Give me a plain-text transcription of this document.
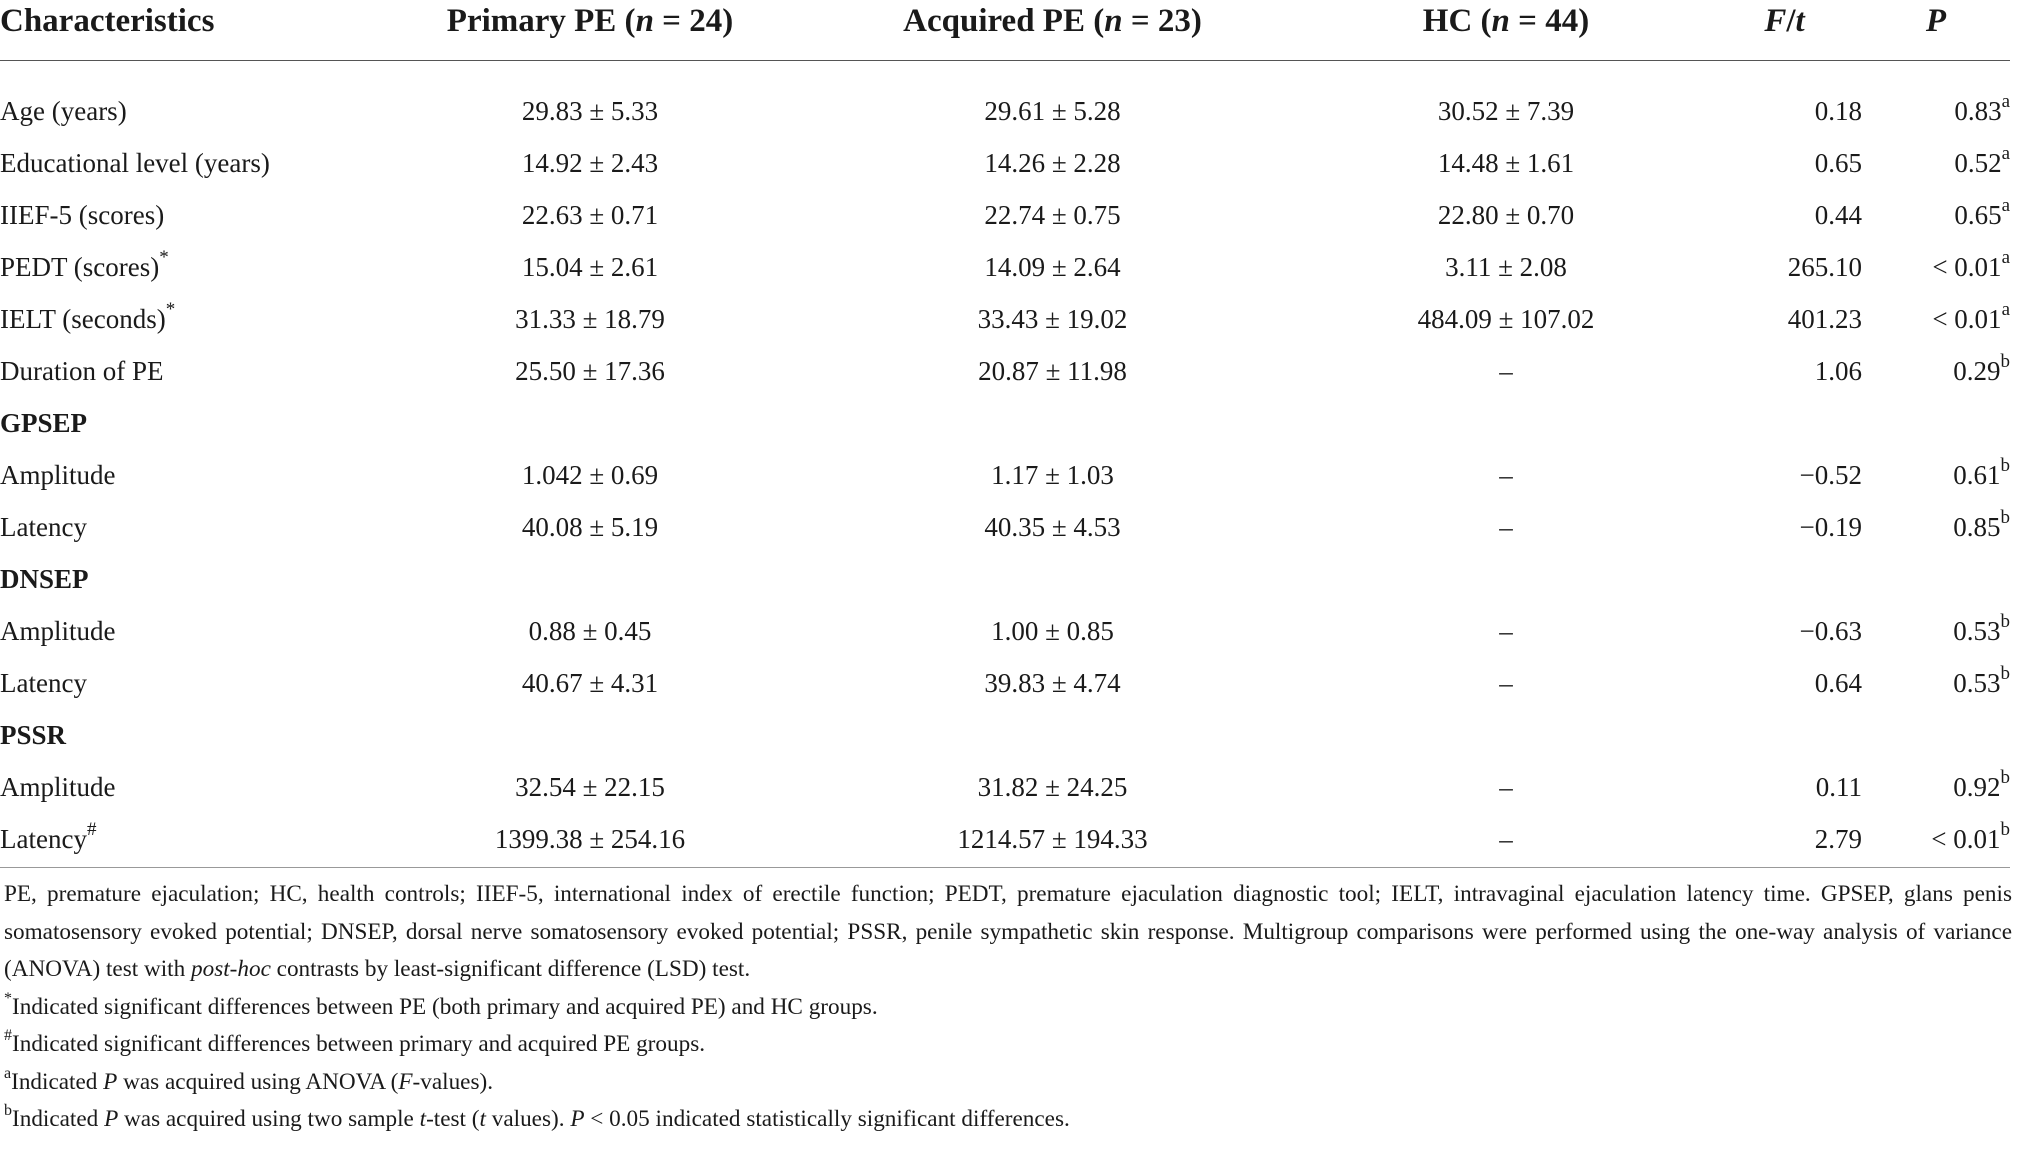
Characteristics	Primary PE (n = 24)	Acquired PE (n = 23)	HC (n = 44)	F/t	P
Age (years)	29.83 ± 5.33	29.61 ± 5.28	30.52 ± 7.39	0.18	0.83$^a$
Educational level (years)	14.92 ± 2.43	14.26 ± 2.28	14.48 ± 1.61	0.65	0.52$^a$
IIEF-5 (scores)	22.63 ± 0.71	22.74 ± 0.75	22.80 ± 0.70	0.44	0.65$^a$
PEDT (scores)*	15.04 ± 2.61	14.09 ± 2.64	3.11 ± 2.08	265.10	< 0.01$^a$
IELT (seconds)*	31.33 ± 18.79	33.43 ± 19.02	484.09 ± 107.02	401.23	< 0.01$^a$
Duration of PE	25.50 ± 17.36	20.87 ± 11.98	–	1.06	0.29$^b$
GPSEP					
Amplitude	1.042 ± 0.69	1.17 ± 1.03	–	−0.52	0.61$^b$
Latency	40.08 ± 5.19	40.35 ± 4.53	–	−0.19	0.85$^b$
DNSEP					
Amplitude	0.88 ± 0.45	1.00 ± 0.85	–	−0.63	0.53$^b$
Latency	40.67 ± 4.31	39.83 ± 4.74	–	0.64	0.53$^b$
PSSR					
Amplitude	32.54 ± 22.15	31.82 ± 24.25	–	0.11	0.92$^b$
Latency#	1399.38 ± 254.16	1214.57 ± 194.33	–	2.79	< 0.01$^b$

PE, premature ejaculation; HC, health controls; IIEF-5, international index of erectile function; PEDT, premature ejaculation diagnostic tool; IELT, intravaginal ejaculation latency time. GPSEP, glans penis somatosensory evoked potential; DNSEP, dorsal nerve somatosensory evoked potential; PSSR, penile sympathetic skin response. Multigroup comparisons were performed using the one-way analysis of variance (ANOVA) test with post-hoc contrasts by least-significant difference (LSD) test.

*Indicated significant differences between PE (both primary and acquired PE) and HC groups.

#Indicated significant differences between primary and acquired PE groups.

$^a$Indicated P was acquired using ANOVA (F-values).

$^b$Indicated P was acquired using two sample t-test (t values). P < 0.05 indicated statistically significant differences.
